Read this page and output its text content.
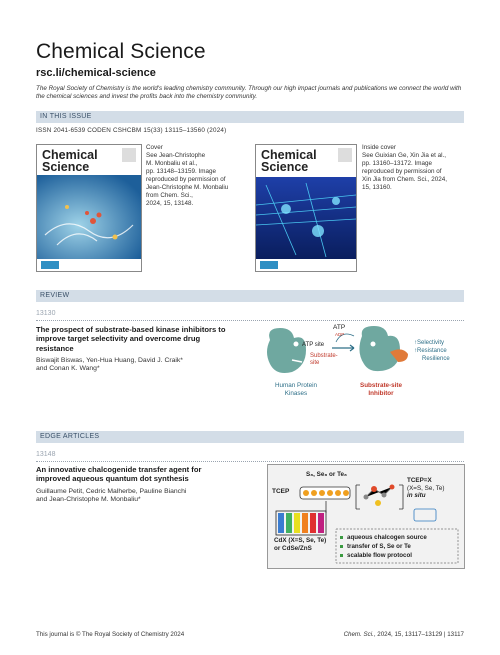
Chemical Science
rsc.li/chemical-science
The Royal Society of Chemistry is the world's leading chemistry community. Through our high impact journals and publications we connect the world with the chemical sciences and invest the profits back into the chemistry community.
IN THIS ISSUE
ISSN 2041-6539 CODEN CSHCBM 15(33) 13115–13560 (2024)
Chemical Science
Cover
See Jean-Christophe
M. Monbaliu et al.,
pp. 13148–13159. Image
reproduced by permission of
Jean-Christophe M. Monbaliu
from Chem. Sci.,
2024, 15, 13148.
Chemical Science
Inside cover
See Guixian Ge, Xin Jia et al.,
pp. 13160–13172. Image
reproduced by permission of
Xin Jia from Chem. Sci., 2024,
15, 13160.
REVIEW
13130
The prospect of substrate-based kinase inhibitors to
improve target selectivity and overcome drug
resistance
Biswajit Biswas, Yen-Hua Huang, David J. Craik*
and Conan K. Wang*
ATP
ADP
ATP site
Substrate-
site
↑Selectivity
↑Resistance
Resilience
Human Protein
Kinases
Substrate-site
Inhibitor
EDGE ARTICLES
13148
An innovative chalcogenide transfer agent for
improved aqueous quantum dot synthesis
Guillaume Petit, Cedric Malherbe, Pauline Bianchi
and Jean-Christophe M. Monbaliu*
S₈, Se₈ or Te₈
TCEP
TCEP=X
(X=S, Se, Te)
in situ
CdX (X=S, Se, Te)
or CdSe/ZnS
aqueous chalcogen source
transfer of S, Se or Te
scalable flow protocol
This journal is © The Royal Society of Chemistry 2024	Chem. Sci., 2024, 15, 13117–13129 | 13117
